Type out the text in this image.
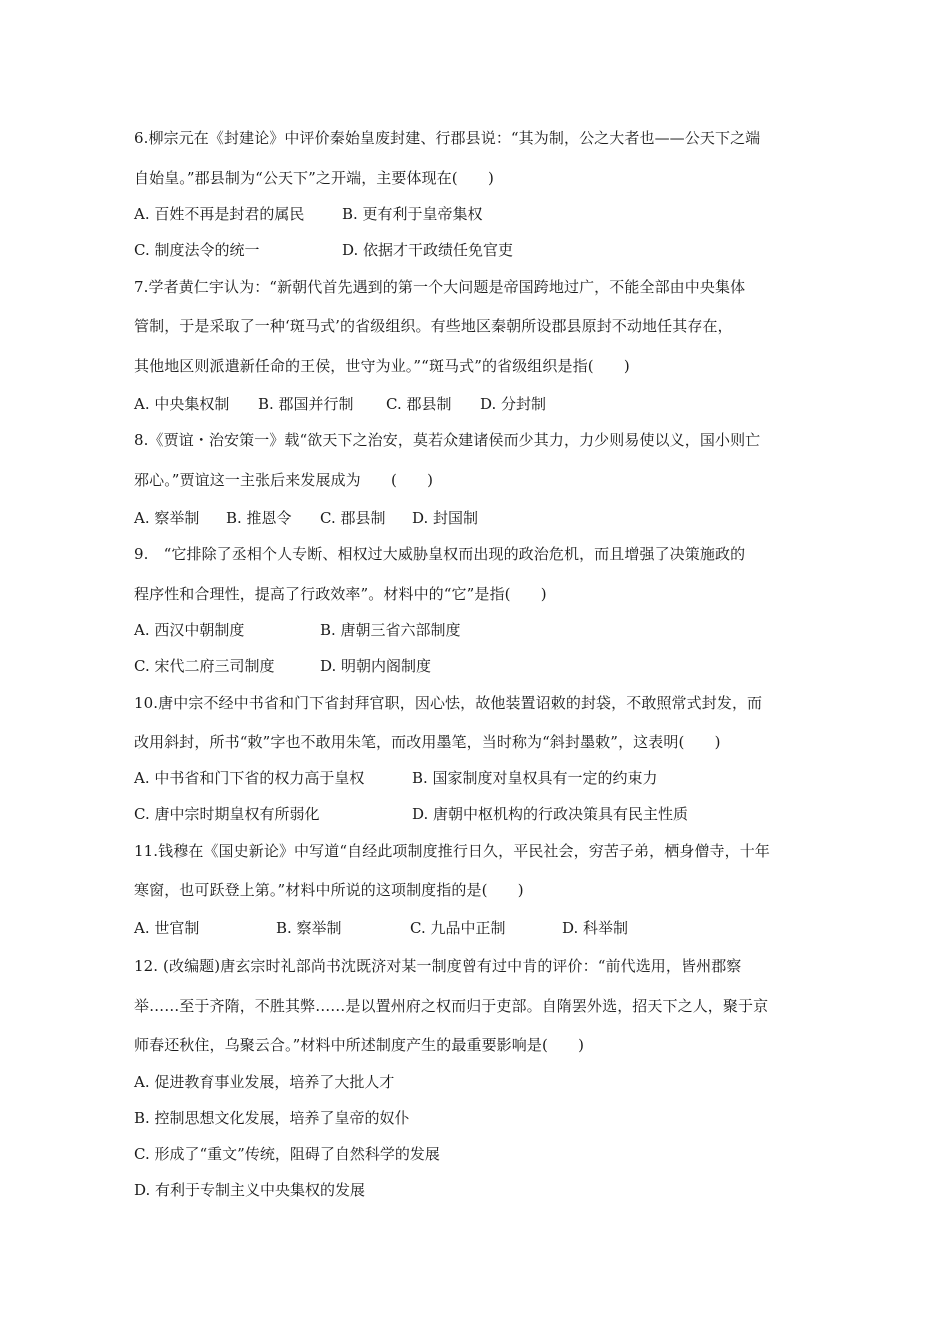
6.柳宗元在《封建论》中评价秦始皇废封建、行郡县说：“其为制，公之大者也——公天下之端
自始皇。”郡县制为“公天下”之开端，主要体现在(　　)
A. 百姓不再是封君的属民	B. 更有利于皇帝集权
C. 制度法令的统一	D. 依据才干政绩任免官吏
7.学者黄仁宇认为：“新朝代首先遇到的第一个大问题是帝国跨地过广，不能全部由中央集体
管制，于是采取了一种‘斑马式’的省级组织。有些地区秦朝所设郡县原封不动地任其存在，
其他地区则派遣新任命的王侯，世守为业。”“斑马式”的省级组织是指(　　)
A. 中央集权制 B. 郡国并行制 C. 郡县制 D. 分封制
8.《贾谊・治安策一》载“欲天下之治安，莫若众建诸侯而少其力，力少则易使以义，国小则亡
邪心。”贾谊这一主张后来发展成为　　(　　)
A. 察举制 B. 推恩令 C. 郡县制 D. 封国制
9.　“它排除了丞相个人专断、相权过大威胁皇权而出现的政治危机，而且增强了决策施政的
程序性和合理性，提高了行政效率”。材料中的“它”是指(　　)
A. 西汉中朝制度	B. 唐朝三省六部制度
C. 宋代二府三司制度	D. 明朝内阁制度
10.唐中宗不经中书省和门下省封拜官职，因心怯，故他装置诏敕的封袋，不敢照常式封发，而
改用斜封，所书“敕”字也不敢用朱笔，而改用墨笔，当时称为“斜封墨敕”，这表明(　　)
A. 中书省和门下省的权力高于皇权	B. 国家制度对皇权具有一定的约束力
C. 唐中宗时期皇权有所弱化	D. 唐朝中枢机构的行政决策具有民主性质
11.钱穆在《国史新论》中写道“自经此项制度推行日久，平民社会，穷苦子弟，栖身僧寺，十年
寒窗，也可跃登上第。”材料中所说的这项制度指的是(　　)
A. 世官制	B. 察举制	C. 九品中正制	D. 科举制
12. (改编题)唐玄宗时礼部尚书沈既济对某一制度曾有过中肯的评价：“前代选用，皆州郡察
举……至于齐隋，不胜其弊……是以置州府之权而归于吏部。自隋罢外选，招天下之人，聚于京
师春还秋住，乌聚云合。”材料中所述制度产生的最重要影响是(　　)
A. 促进教育事业发展，培养了大批人才
B. 控制思想文化发展，培养了皇帝的奴仆
C. 形成了“重文”传统，阻碍了自然科学的发展
D. 有利于专制主义中央集权的发展
